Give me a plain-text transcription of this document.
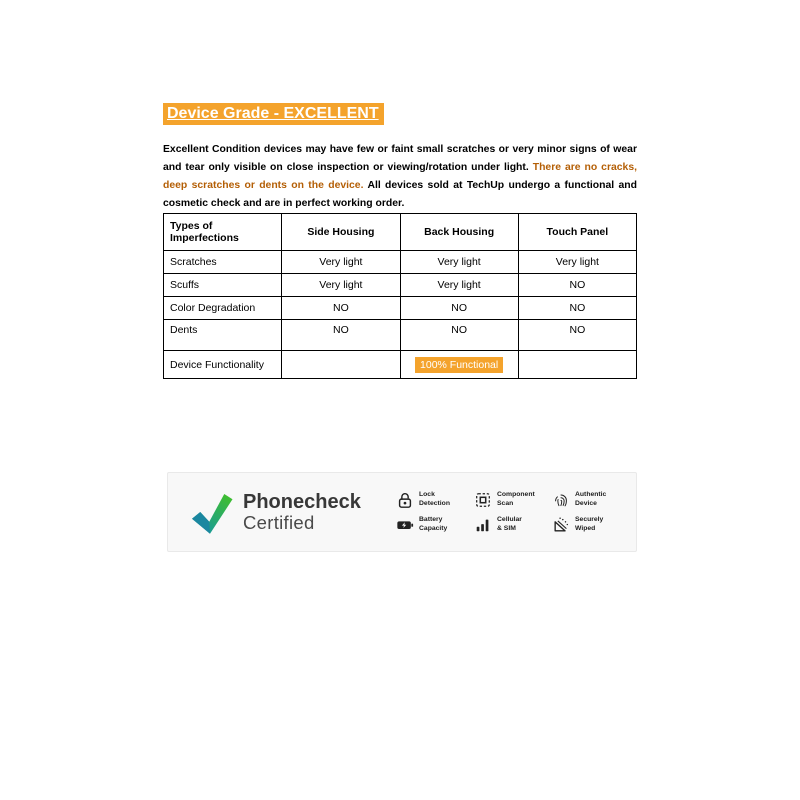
Device Grade - EXCELLENT

Excellent Condition devices may have few or faint small scratches or very minor signs of wear and tear only visible on close inspection or viewing/rotation under light. There are no cracks, deep scratches or dents on the device. All devices sold at TechUp undergo a functional and cosmetic check and are in perfect working order.

Types of Imperfections	Side Housing	Back Housing	Touch Panel
Scratches	Very light	Very light	Very light
Scuffs	Very light	Very light	NO
Color Degradation	NO	NO	NO
Dents	NO	NO	NO
Device Functionality		100% Functional	
Phonecheck
Certified
Lock
Detection
Component
Scan
Authentic
Device
Battery
Capacity
Cellular
& SIM
Securely
Wiped
